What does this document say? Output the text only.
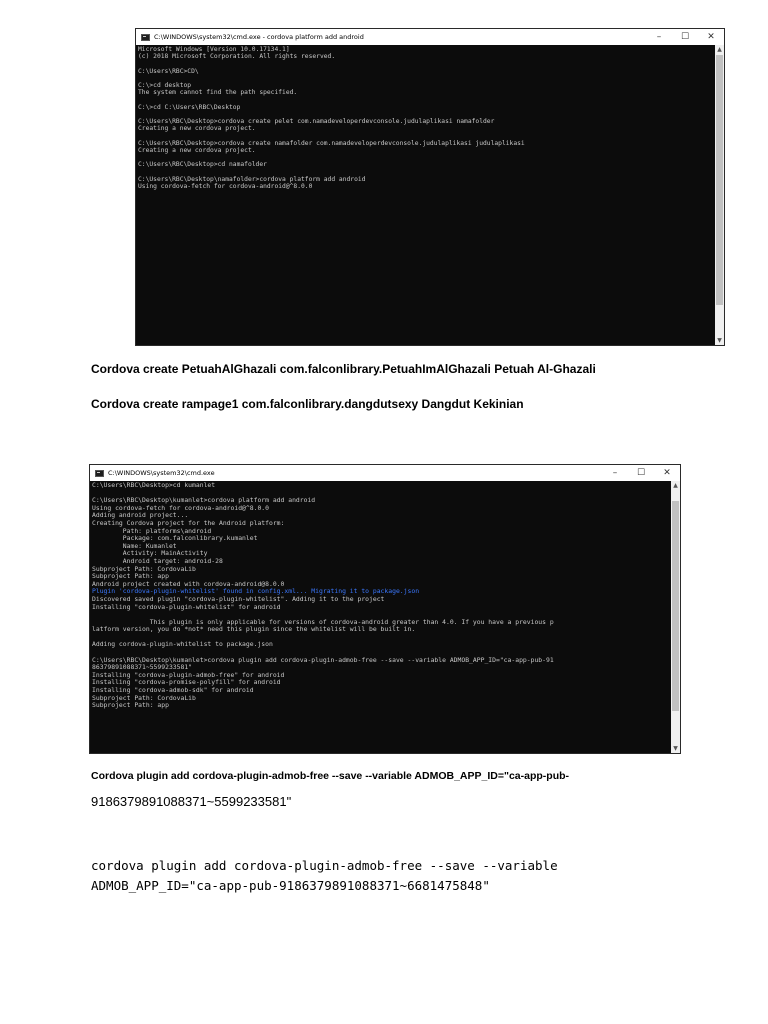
C:\WINDOWS\system32\cmd.exe - cordova platform add android	–	☐	✕
Microsoft Windows [Version 10.0.17134.1]
(c) 2018 Microsoft Corporation. All rights reserved.

C:\Users\RBC>CD\

C:\>cd desktop
The system cannot find the path specified.

C:\>cd C:\Users\RBC\Desktop

C:\Users\RBC\Desktop>cordova create pelet com.namadeveloperdevconsole.judulaplikasi namafolder
Creating a new cordova project.

C:\Users\RBC\Desktop>cordova create namafolder com.namadeveloperdevconsole.judulaplikasi judulaplikasi
Creating a new cordova project.

C:\Users\RBC\Desktop>cd namafolder

C:\Users\RBC\Desktop\namafolder>cordova platform add android
Using cordova-fetch for cordova-android@^8.0.0
▲
▼
Cordova create PetuahAlGhazali com.falconlibrary.PetuahImAlGhazali Petuah Al-Ghazali
Cordova create rampage1 com.falconlibrary.dangdutsexy Dangdut Kekinian
C:\WINDOWS\system32\cmd.exe	–	☐	✕
C:\Users\RBC\Desktop>cd kumanlet

C:\Users\RBC\Desktop\kumanlet>cordova platform add android
Using cordova-fetch for cordova-android@^8.0.0
Adding android project...
Creating Cordova project for the Android platform:
Path: platforms\android
Package: com.falconlibrary.kumanlet
Name: Kumanlet
Activity: MainActivity
Android target: android-28
Subproject Path: CordovaLib
Subproject Path: app
Android project created with cordova-android@8.0.0
Plugin 'cordova-plugin-whitelist' found in config.xml... Migrating it to package.json
Discovered saved plugin "cordova-plugin-whitelist". Adding it to the project
Installing "cordova-plugin-whitelist" for android

This plugin is only applicable for versions of cordova-android greater than 4.0. If you have a previous p
latform version, you do *not* need this plugin since the whitelist will be built in.

Adding cordova-plugin-whitelist to package.json

C:\Users\RBC\Desktop\kumanlet>cordova plugin add cordova-plugin-admob-free --save --variable ADMOB_APP_ID="ca-app-pub-91
86379891088371~5599233581"
Installing "cordova-plugin-admob-free" for android
Installing "cordova-promise-polyfill" for android
Installing "cordova-admob-sdk" for android
Subproject Path: CordovaLib
Subproject Path: app
▲
▼
Cordova plugin add cordova-plugin-admob-free --save --variable ADMOB_APP_ID="ca-app-pub-
9186379891088371~5599233581"
cordova plugin add cordova-plugin-admob-free --save --variable
ADMOB_APP_ID="ca-app-pub-9186379891088371~6681475848"
